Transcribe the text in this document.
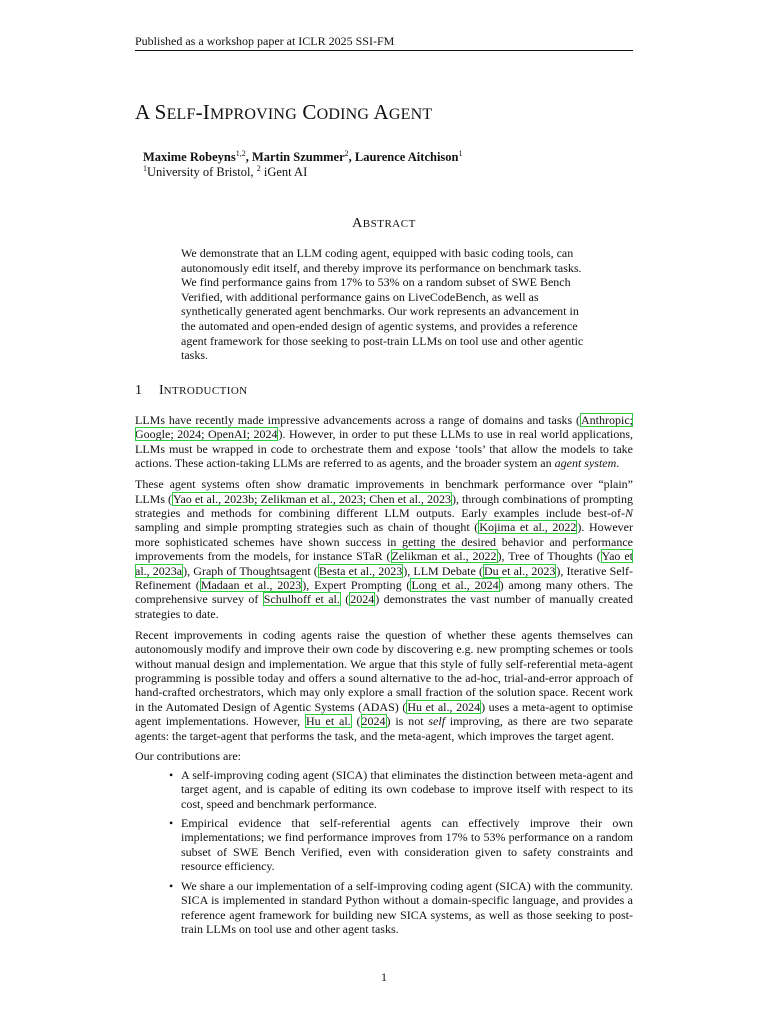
Published as a workshop paper at ICLR 2025 SSI-FM
A SELF-IMPROVING CODING AGENT
Maxime Robeyns$^{1,2}$, Martin Szummer$^2$, Laurence Aitchison$^1$
$^1$University of Bristol, $^2$ iGent AI
ABSTRACT
We demonstrate that an LLM coding agent, equipped with basic coding tools, can autonomously edit itself, and thereby improve its performance on benchmark tasks. We find performance gains from 17% to 53% on a random subset of SWE Bench Verified, with additional performance gains on LiveCodeBench, as well as synthetically generated agent benchmarks. Our work represents an advancement in the automated and open-ended design of agentic systems, and provides a reference agent framework for those seeking to post-train LLMs on tool use and other agentic tasks.
1 INTRODUCTION

LLMs have recently made impressive advancements across a range of domains and tasks (Anthropic; Google; 2024; OpenAI; 2024). However, in order to put these LLMs to use in real world applications, LLMs must be wrapped in code to orchestrate them and expose ‘tools’ that allow the models to take actions. These action-taking LLMs are referred to as agents, and the broader system an agent system.

These agent systems often show dramatic improvements in benchmark performance over “plain” LLMs (Yao et al., 2023b; Zelikman et al., 2023; Chen et al., 2023), through combinations of prompting strategies and methods for combining different LLM outputs. Early examples include best-of-N sampling and simple prompting strategies such as chain of thought (Kojima et al., 2022). However more sophisticated schemes have shown success in getting the desired behavior and performance improvements from the models, for instance STaR (Zelikman et al., 2022), Tree of Thoughts (Yao et al., 2023a), Graph of Thoughtsagent (Besta et al., 2023), LLM Debate (Du et al., 2023), Iterative Self-Refinement (Madaan et al., 2023), Expert Prompting (Long et al., 2024) among many others. The comprehensive survey of Schulhoff et al. (2024) demonstrates the vast number of manually created strategies to date.

Recent improvements in coding agents raise the question of whether these agents themselves can autonomously modify and improve their own code by discovering e.g. new prompting schemes or tools without manual design and implementation. We argue that this style of fully self-referential meta-agent programming is possible today and offers a sound alternative to the ad-hoc, trial-and-error approach of hand-crafted orchestrators, which may only explore a small fraction of the solution space. Recent work in the Automated Design of Agentic Systems (ADAS) (Hu et al., 2024) uses a meta-agent to optimise agent implementations. However, Hu et al. (2024) is not self improving, as there are two separate agents: the target-agent that performs the task, and the meta-agent, which improves the target agent.

Our contributions are:

• A self-improving coding agent (SICA) that eliminates the distinction between meta-agent and target agent, and is capable of editing its own codebase to improve itself with respect to its cost, speed and benchmark performance.
• Empirical evidence that self-referential agents can effectively improve their own implementations; we find performance improves from 17% to 53% performance on a random subset of SWE Bench Verified, even with consideration given to safety constraints and resource efficiency.
• We share a our implementation of a self-improving coding agent (SICA) with the community. SICA is implemented in standard Python without a domain-specific language, and provides a reference agent framework for building new SICA systems, as well as those seeking to post-train LLMs on tool use and other agent tasks.
1
